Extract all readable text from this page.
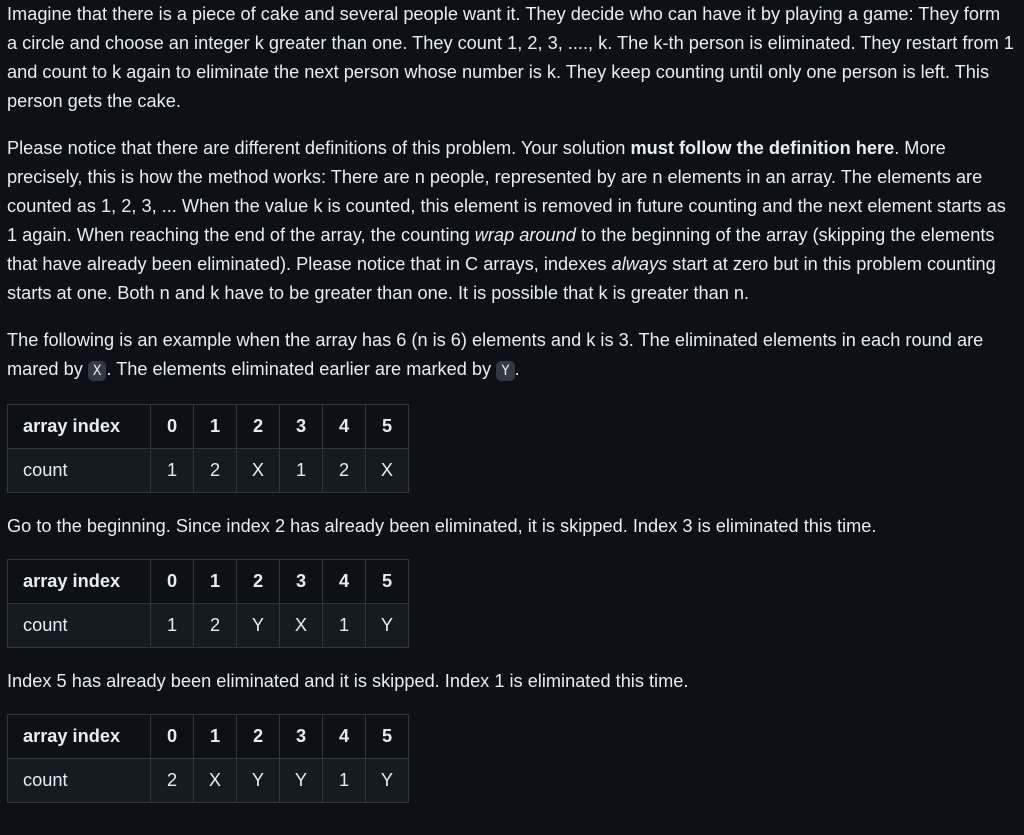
Imagine that there is a piece of cake and several people want it. They decide who can have it by playing a game: They form a circle and choose an integer k greater than one. They count 1, 2, 3, ...., k. The k-th person is eliminated. They restart from 1 and count to k again to eliminate the next person whose number is k. They keep counting until only one person is left. This person gets the cake.

Please notice that there are different definitions of this problem. Your solution must follow the definition here. More precisely, this is how the method works: There are n people, represented by are n elements in an array. The elements are counted as 1, 2, 3, ... When the value k is counted, this element is removed in future counting and the next element starts as 1 again. When reaching the end of the array, the counting wrap around to the beginning of the array (skipping the elements that have already been eliminated). Please notice that in C arrays, indexes always start at zero but in this problem counting starts at one. Both n and k have to be greater than one. It is possible that k is greater than n.

The following is an example when the array has 6 (n is 6) elements and k is 3. The eliminated elements in each round are mared by X . The elements eliminated earlier are marked by Y .

array index	0	1	2	3	4	5
count	1	2	X	1	2	X

Go to the beginning. Since index 2 has already been eliminated, it is skipped. Index 3 is eliminated this time.

array index	0	1	2	3	4	5
count	1	2	Y	X	1	Y

Index 5 has already been eliminated and it is skipped. Index 1 is eliminated this time.

array index	0	1	2	3	4	5
count	2	X	Y	Y	1	Y
